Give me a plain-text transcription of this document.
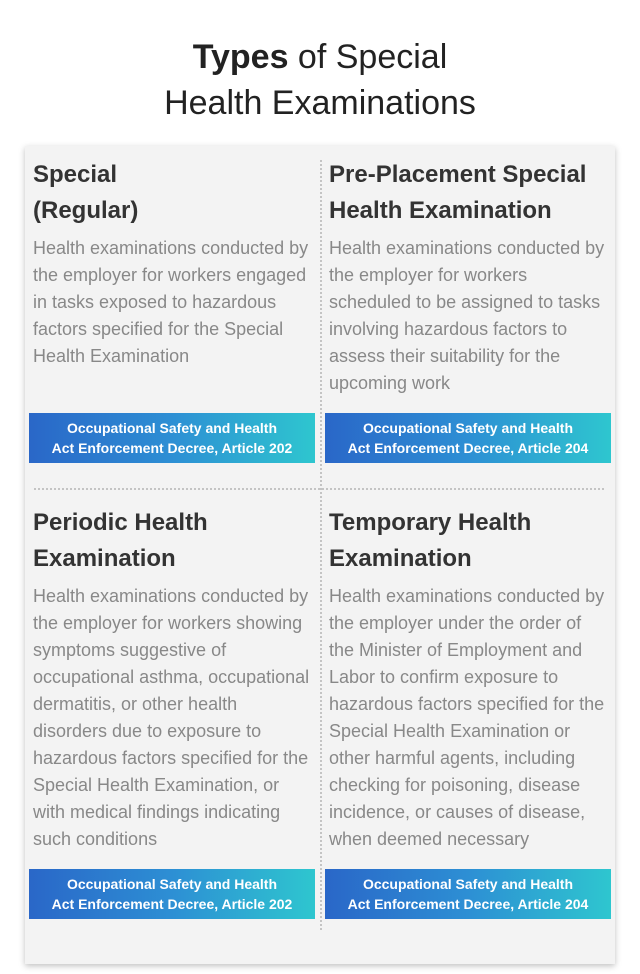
Types of Special
Health Examinations
Special
(Regular)

Health examinations conducted by the employer for workers engaged in tasks exposed to hazardous factors specified for the Special Health Examination

Occupational Safety and Health
Act Enforcement Decree, Article 202
Pre-Placement Special
Health Examination

Health examinations conducted by the employer for workers scheduled to be assigned to tasks involving hazardous factors to assess their suitability for the upcoming work

Occupational Safety and Health
Act Enforcement Decree, Article 204
Periodic Health
Examination

Health examinations conducted by the employer for workers showing symptoms suggestive of occupational asthma, occupational dermatitis, or other health disorders due to exposure to hazardous factors specified for the Special Health Examination, or with medical findings indicating such conditions

Occupational Safety and Health
Act Enforcement Decree, Article 202
Temporary Health
Examination

Health examinations conducted by the employer under the order of the Minister of Employment and Labor to confirm exposure to hazardous factors specified for the Special Health Examination or other harmful agents, including checking for poisoning, disease incidence, or causes of disease, when deemed necessary

Occupational Safety and Health
Act Enforcement Decree, Article 204
